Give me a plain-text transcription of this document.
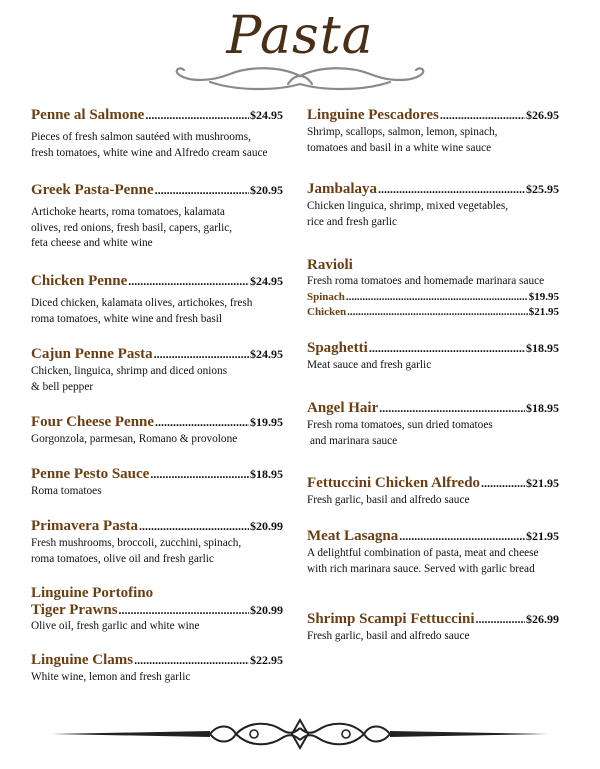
Pasta
Penne al Salmone .....	$24.95
Pieces of fresh salmon sautéed with mushrooms,
fresh tomatoes, white wine and Alfredo cream sauce
Greek Pasta-Penne .....	$20.95
Artichoke hearts, roma tomatoes, kalamata
olives, red onions, fresh basil, capers, garlic,
feta cheese and white wine
Chicken Penne .....	$24.95
Diced chicken, kalamata olives, artichokes, fresh
roma tomatoes, white wine and fresh basil
Cajun Penne Pasta .....	$24.95
Chicken, linguica, shrimp and diced onions
& bell pepper
Four Cheese Penne .....	$19.95
Gorgonzola, parmesan, Romano & provolone
Penne Pesto Sauce .....	$18.95
Roma tomatoes
Primavera Pasta .....	$20.99
Fresh mushrooms, broccoli, zucchini, spinach,
roma tomatoes, olive oil and fresh garlic
Linguine Portofino
Tiger Prawns .....	$20.99
Olive oil, fresh garlic and white wine
Linguine Clams .....	$22.95
White wine, lemon and fresh garlic
Linguine Pescadores .....	$26.95
Shrimp, scallops, salmon, lemon, spinach,
tomatoes and basil in a white wine sauce
Jambalaya .....	$25.95
Chicken linguica, shrimp, mixed vegetables,
rice and fresh garlic
Ravioli
Fresh roma tomatoes and homemade marinara sauce
Spinach .....	$19.95
Chicken .....	$21.95
Spaghetti .....	$18.95
Meat sauce and fresh garlic
Angel Hair .....	$18.95
Fresh roma tomatoes, sun dried tomatoes
and marinara sauce
Fettuccini Chicken Alfredo .....	$21.95
Fresh garlic, basil and alfredo sauce
Meat Lasagna .....	$21.95
A delightful combination of pasta, meat and cheese
with rich marinara sauce. Served with garlic bread
Shrimp Scampi Fettuccini .....	$26.99
Fresh garlic, basil and alfredo sauce
